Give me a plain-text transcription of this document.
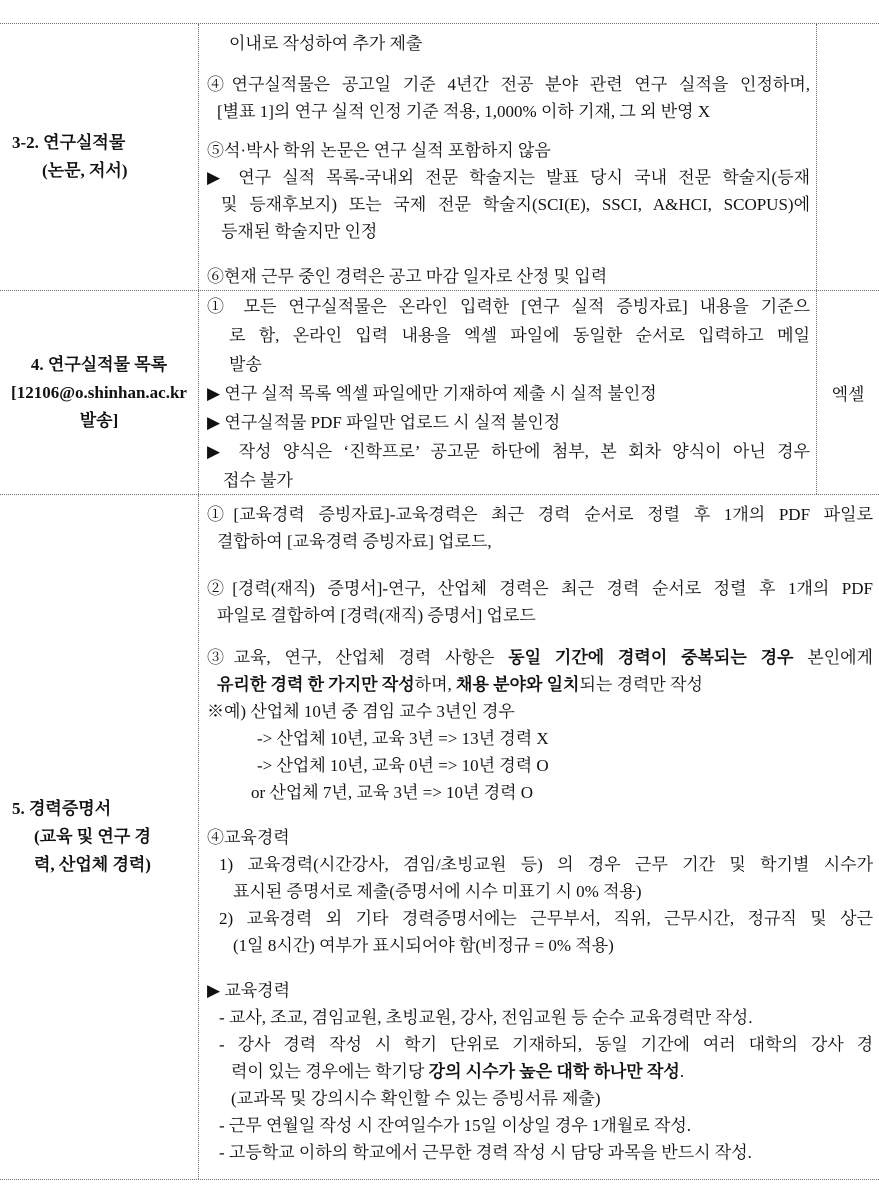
3-2. 연구실적물
(논문, 저서)
이내로 작성하여 추가 제출
④연구실적물은 공고일 기준 4년간 전공 분야 관련 연구 실적을 인정하며,
[별표 1]의 연구 실적 인정 기준 적용, 1,000% 이하 기재, 그 외 반영 X
⑤석·박사 학위 논문은 연구 실적 포함하지 않음
▶ 연구 실적 목록-국내외 전문 학술지는 발표 당시 국내 전문 학술지(등재
및 등재후보지) 또는 국제 전문 학술지(SCI(E), SSCI, A&HCI, SCOPUS)에
등재된 학술지만 인정
⑥현재 근무 중인 경력은 공고 마감 일자로 산정 및 입력
4. 연구실적물 목록
[12106@o.shinhan.ac.kr
발송]
① 모든 연구실적물은 온라인 입력한 [연구 실적 증빙자료] 내용을 기준으
로 함, 온라인 입력 내용을 엑셀 파일에 동일한 순서로 입력하고 메일
발송
▶ 연구 실적 목록 엑셀 파일에만 기재하여 제출 시 실적 불인정
▶ 연구실적물 PDF 파일만 업로드 시 실적 불인정
▶ 작성 양식은 ‘진학프로’ 공고문 하단에 첨부, 본 회차 양식이 아닌 경우
접수 불가
엑셀
5. 경력증명서
(교육 및 연구 경
력, 산업체 경력)
①[교육경력 증빙자료]-교육경력은 최근 경력 순서로 정렬 후 1개의 PDF 파일로
결합하여 [교육경력 증빙자료] 업로드,
②[경력(재직) 증명서]-연구, 산업체 경력은 최근 경력 순서로 정렬 후 1개의 PDF
파일로 결합하여 [경력(재직) 증명서] 업로드
③교육, 연구, 산업체 경력 사항은 동일 기간에 경력이 중복되는 경우 본인에게
유리한 경력 한 가지만 작성하며, 채용 분야와 일치되는 경력만 작성
※예) 산업체 10년 중 겸임 교수 3년인 경우
-> 산업체 10년, 교육 3년 => 13년 경력 X
-> 산업체 10년, 교육 0년 => 10년 경력 O
or 산업체 7년, 교육 3년 => 10년 경력 O
④교육경력
1) 교육경력(시간강사, 겸임/초빙교원 등) 의 경우 근무 기간 및 학기별 시수가
표시된 증명서로 제출(증명서에 시수 미표기 시 0% 적용)
2) 교육경력 외 기타 경력증명서에는 근무부서, 직위, 근무시간, 정규직 및 상근
(1일 8시간) 여부가 표시되어야 함(비정규 = 0% 적용)
▶ 교육경력
- 교사, 조교, 겸임교원, 초빙교원, 강사, 전임교원 등 순수 교육경력만 작성.
- 강사 경력 작성 시 학기 단위로 기재하되, 동일 기간에 여러 대학의 강사 경
력이 있는 경우에는 학기당 강의 시수가 높은 대학 하나만 작성.
(교과목 및 강의시수 확인할 수 있는 증빙서류 제출)
- 근무 연월일 작성 시 잔여일수가 15일 이상일 경우 1개월로 작성.
- 고등학교 이하의 학교에서 근무한 경력 작성 시 담당 과목을 반드시 작성.
